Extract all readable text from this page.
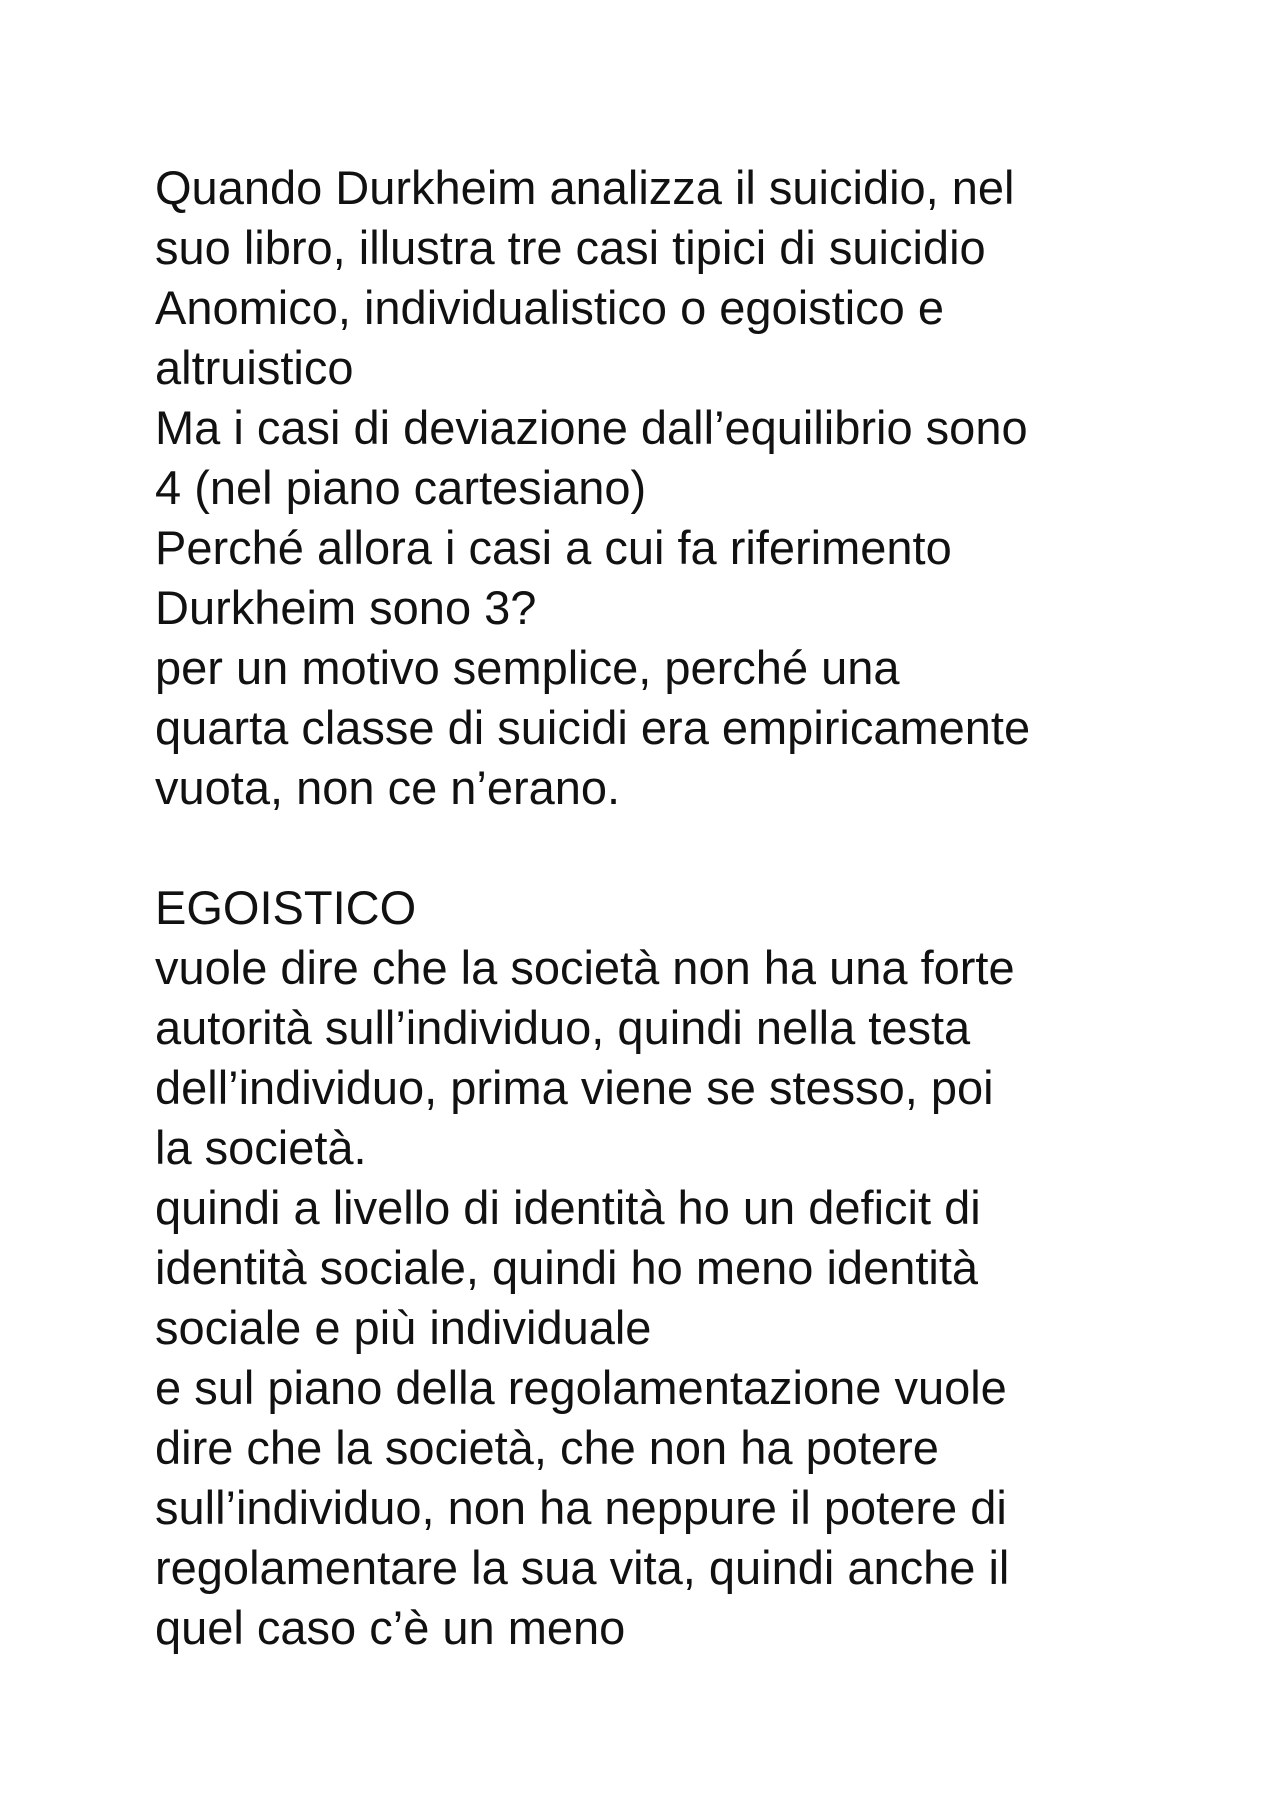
Quando Durkheim analizza il suicidio, nel
suo libro, illustra tre casi tipici di suicidio
Anomico, individualistico o egoistico e
altruistico
Ma i casi di deviazione dall’equilibrio sono
4 (nel piano cartesiano)
Perché allora i casi a cui fa riferimento
Durkheim sono 3?
per un motivo semplice, perché una
quarta classe di suicidi era empiricamente
vuota, non ce n’erano.
EGOISTICO
vuole dire che la società non ha una forte
autorità sull’individuo, quindi nella testa
dell’individuo, prima viene se stesso, poi
la società.
quindi a livello di identità ho un deficit di
identità sociale, quindi ho meno identità
sociale e più individuale
e sul piano della regolamentazione vuole
dire che la società, che non ha potere
sull’individuo, non ha neppure il potere di
regolamentare la sua vita, quindi anche il
quel caso c’è un meno
